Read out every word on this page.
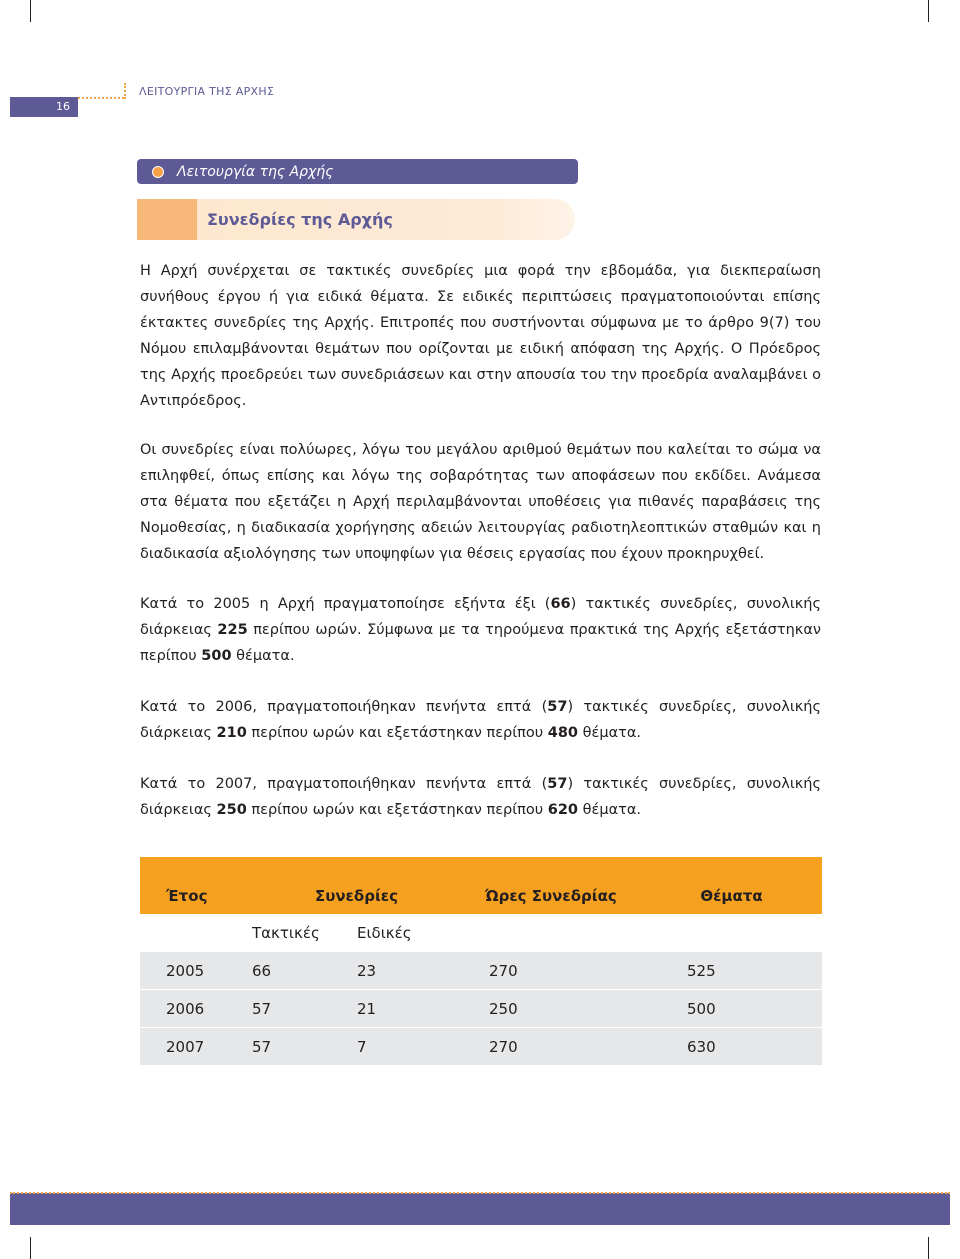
16
ΛΕΙΤΟΥΡΓΙΑ ΤΗΣ ΑΡΧΗΣ
Λειτουργία της Αρχής
Συνεδρίες της Αρχής

Η Αρχή συνέρχεται σε τακτικές συνεδρίες μια φορά την εβδομάδα, για διεκπεραίωση συνήθους έργου ή για ειδικά θέματα. Σε ειδικές περιπτώσεις πραγματοποιούνται επίσης έκτακτες συνεδρίες της Αρχής. Επιτροπές που συστήνονται σύμφωνα με το άρθρο 9(7) του Νόμου επιλαμβάνονται θεμάτων που ορίζονται με ειδική απόφαση της Αρχής. Ο Πρόεδρος της Αρχής προεδρεύει των συνεδριάσεων και στην απουσία του την προεδρία αναλαμβάνει ο Αντιπρόεδρος.

Οι συνεδρίες είναι πολύωρες, λόγω του μεγάλου αριθμού θεμάτων που καλείται το σώμα να επιληφθεί, όπως επίσης και λόγω της σοβαρότητας των αποφάσεων που εκδίδει. Ανάμεσα στα θέματα που εξετάζει η Αρχή περιλαμβάνονται υποθέσεις για πιθανές παραβάσεις της Νομοθεσίας, η διαδικασία χορήγησης αδειών λειτουργίας ραδιοτηλεοπτικών σταθμών και η διαδικασία αξιολόγησης των υποψηφίων για θέσεις εργασίας που έχουν προκηρυχθεί.

Κατά το 2005 η Αρχή πραγματοποίησε εξήντα έξι (66) τακτικές συνεδρίες, συνολικής διάρκειας 225 περίπου ωρών. Σύμφωνα με τα τηρούμενα πρακτικά της Αρχής εξετάστηκαν περίπου 500 θέματα.

Κατά το 2006, πραγματοποιήθηκαν πενήντα επτά (57) τακτικές συνεδρίες, συνολικής διάρκειας 210 περίπου ωρών και εξετάστηκαν περίπου 480 θέματα.

Κατά το 2007, πραγματοποιήθηκαν πενήντα επτά (57) τακτικές συνεδρίες, συνολικής διάρκειας 250 περίπου ωρών και εξετάστηκαν περίπου 620 θέματα.

Έτος	Συνεδρίες		Ώρες Συνεδρίας	Θέματα
	Τακτικές	Ειδικές		
2005	66	23	270	525
2006	57	21	250	500
2007	57	7	270	630
